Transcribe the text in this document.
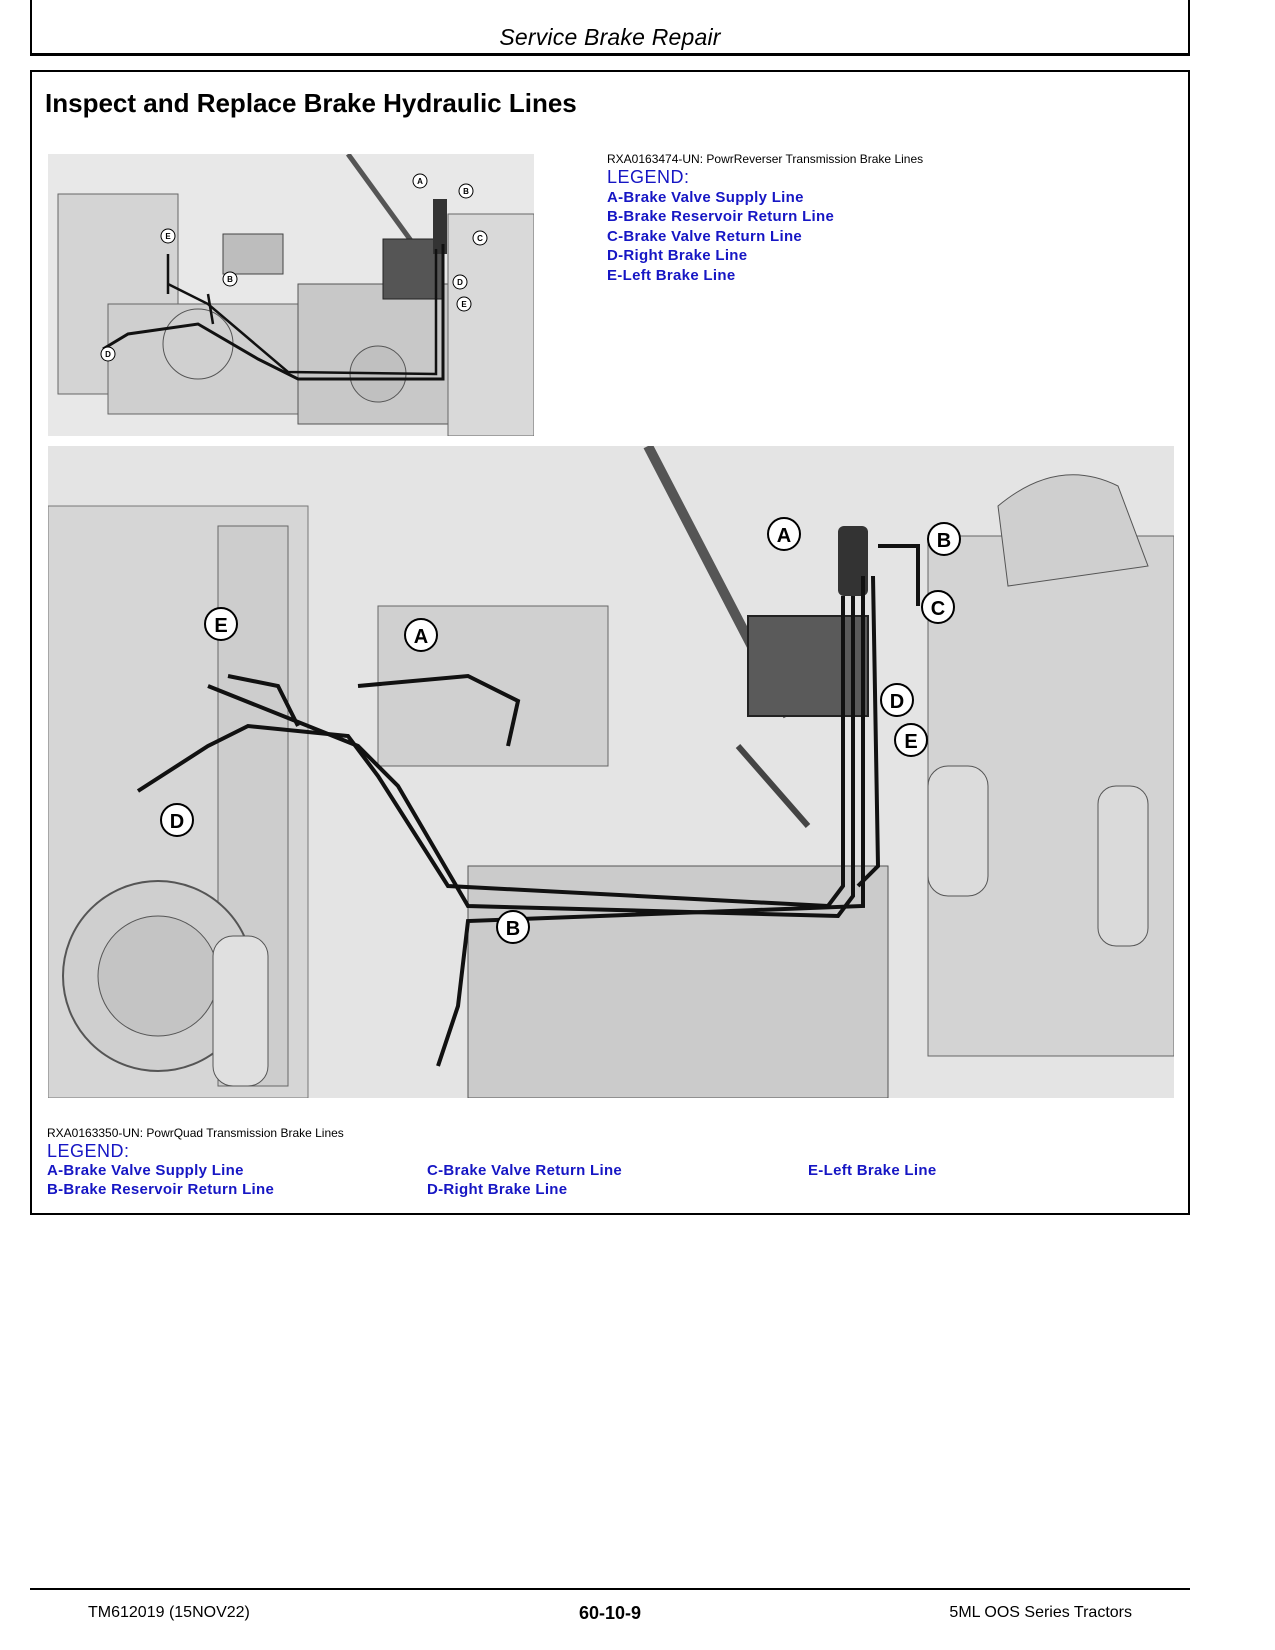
Service Brake Repair
Inspect and Replace Brake Hydraulic Lines
A
B
C
D
E
B
E
D
RXA0163474-UN: PowrReverser Transmission Brake Lines
LEGEND:
A-Brake Valve Supply Line
B-Brake Reservoir Return Line
C-Brake Valve Return Line
D-Right Brake Line
E-Left Brake Line
A	B
C
D
E
E	A
D
B
RXA0163350-UN: PowrQuad Transmission Brake Lines
LEGEND:
A-Brake Valve Supply Line
B-Brake Reservoir Return Line
C-Brake Valve Return Line
D-Right Brake Line
E-Left Brake Line
TM612019 (15NOV22)	60-10-9	5ML OOS Series Tractors
